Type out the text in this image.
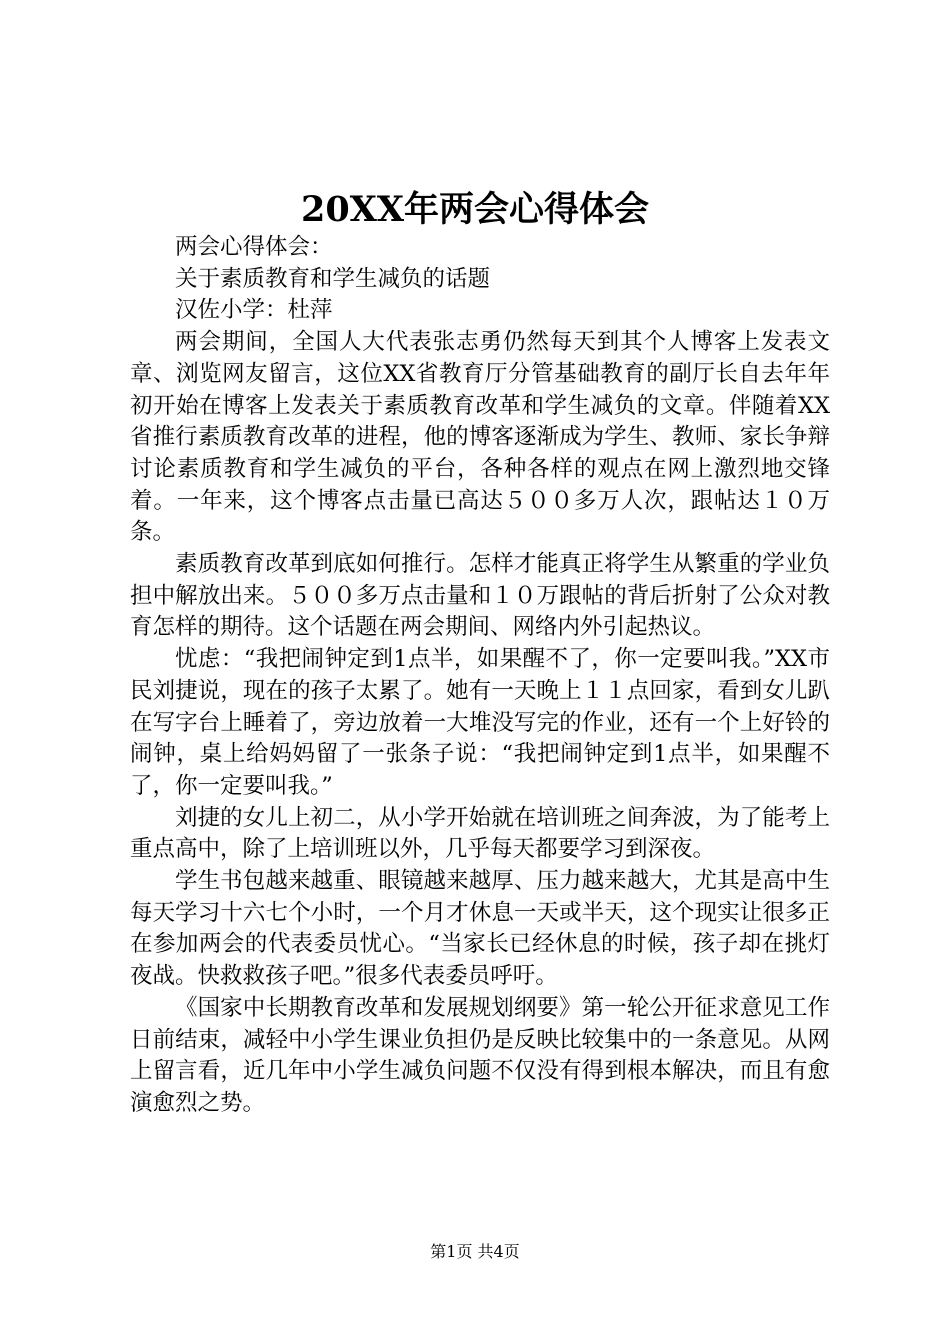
20XX年两会心得体会

两会心得体会：

关于素质教育和学生减负的话题

汉佐小学：杜萍

两会期间，全国人大代表张志勇仍然每天到其个人博客上发表文章、浏览网友留言，这位XX省教育厅分管基础教育的副厅长自去年年初开始在博客上发表关于素质教育改革和学生减负的文章。伴随着XX省推行素质教育改革的进程，他的博客逐渐成为学生、教师、家长争辩讨论素质教育和学生减负的平台，各种各样的观点在网上激烈地交锋着。一年来，这个博客点击量已高达５００多万人次，跟帖达１０万条。

素质教育改革到底如何推行。怎样才能真正将学生从繁重的学业负担中解放出来。５００多万点击量和１０万跟帖的背后折射了公众对教育怎样的期待。这个话题在两会期间、网络内外引起热议。

忧虑：“我把闹钟定到1点半，如果醒不了，你一定要叫我。”XX市民刘捷说，现在的孩子太累了。她有一天晚上１１点回家，看到女儿趴在写字台上睡着了，旁边放着一大堆没写完的作业，还有一个上好铃的闹钟，桌上给妈妈留了一张条子说：“我把闹钟定到1点半，如果醒不了，你一定要叫我。”

刘捷的女儿上初二，从小学开始就在培训班之间奔波，为了能考上重点高中，除了上培训班以外，几乎每天都要学习到深夜。

学生书包越来越重、眼镜越来越厚、压力越来越大，尤其是高中生每天学习十六七个小时，一个月才休息一天或半天，这个现实让很多正在参加两会的代表委员忧心。“当家长已经休息的时候，孩子却在挑灯夜战。快救救孩子吧。”很多代表委员呼吁。

《国家中长期教育改革和发展规划纲要》第一轮公开征求意见工作日前结束，减轻中小学生课业负担仍是反映比较集中的一条意见。从网上留言看，近几年中小学生减负问题不仅没有得到根本解决，而且有愈演愈烈之势。

第1页 共4页
